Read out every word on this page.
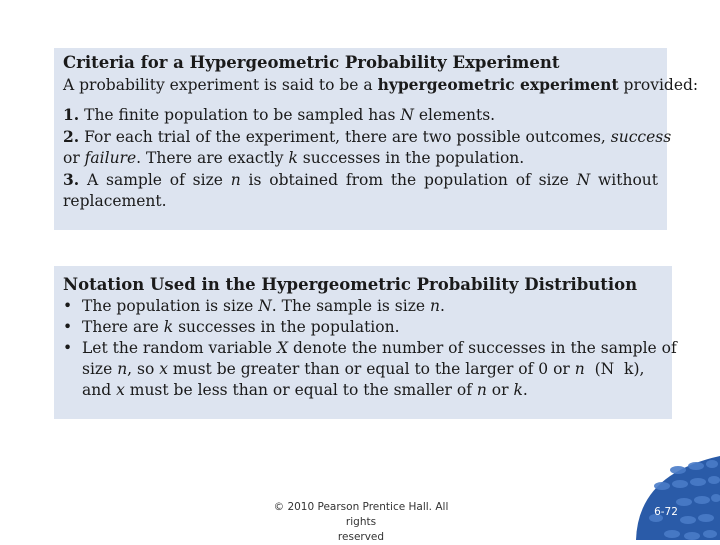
Criteria for a Hypergeometric Probability Experiment

A probability experiment is said to be a hypergeometric experiment provided:

1. The finite population to be sampled has N elements.

2. For each trial of the experiment, there are two possible outcomes, success

or failure. There are exactly k successes in the population.

3. A sample of size n is obtained from the population of size N without

replacement.

Notation Used in the Hypergeometric Probability Distribution

• The population is size N. The sample is size n.

• There are k successes in the population.

• Let the random variable X denote the number of successes in the sample of

size n, so x must be greater than or equal to the larger of 0 or n  (N  k),

and x must be less than or equal to the smaller of n or k.

© 2010 Pearson Prentice Hall. All rights
reserved
6-72
